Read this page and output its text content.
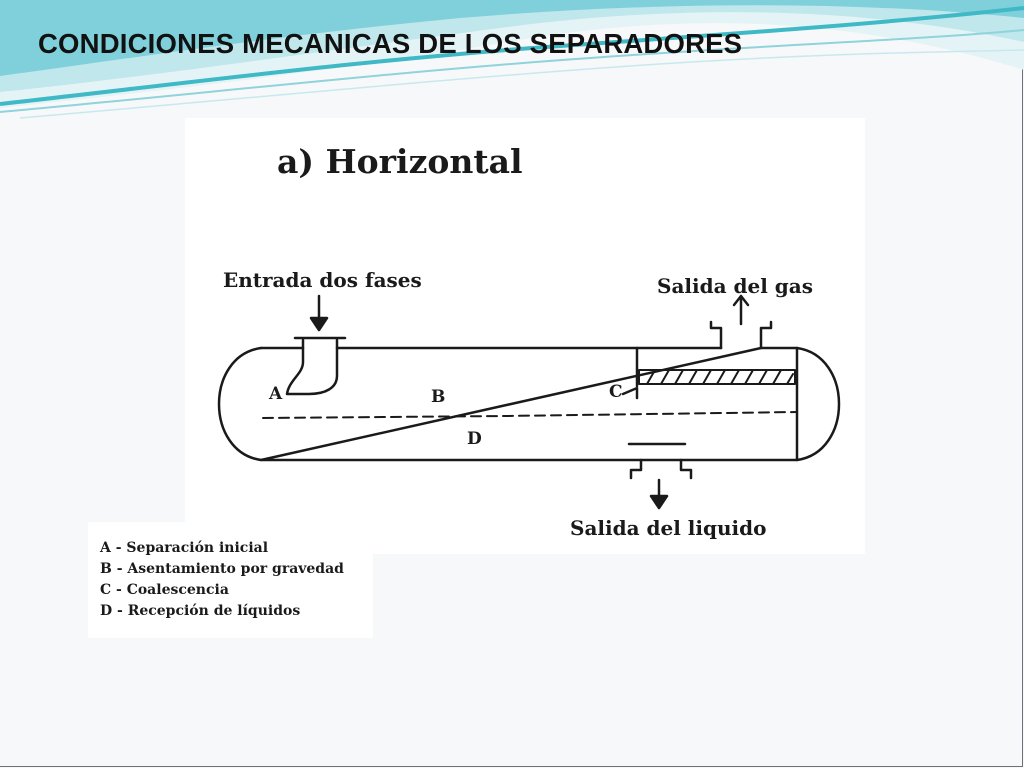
CONDICIONES MECANICAS DE LOS SEPARADORES
a) Horizontal
Entrada dos fases	Salida del gas
Salida del liquido
A	B	C
D
A - Separación inicial
B - Asentamiento por gravedad
C - Coalescencia
D - Recepción de líquidos
